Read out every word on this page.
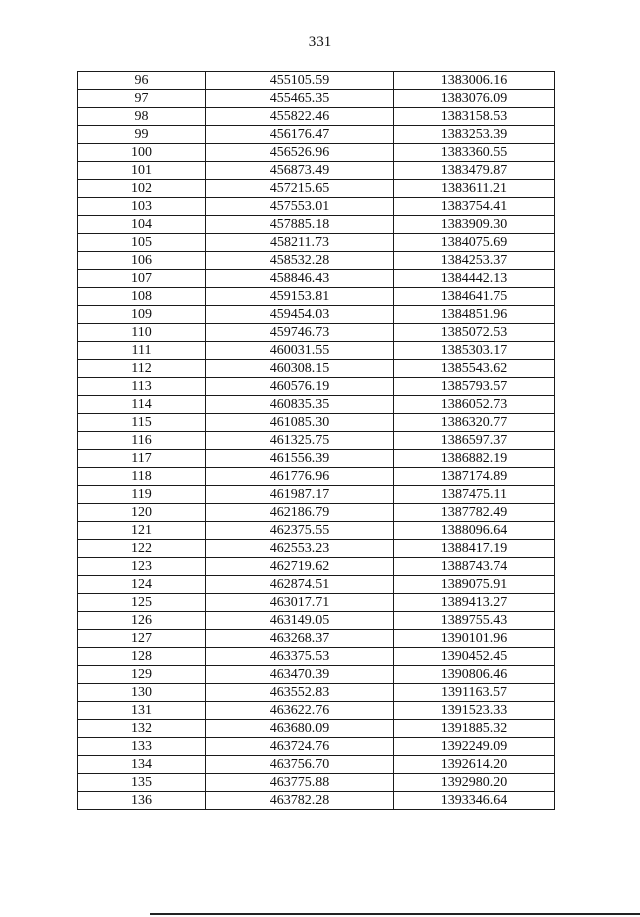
331
96	455105.59	1383006.16
97	455465.35	1383076.09
98	455822.46	1383158.53
99	456176.47	1383253.39
100	456526.96	1383360.55
101	456873.49	1383479.87
102	457215.65	1383611.21
103	457553.01	1383754.41
104	457885.18	1383909.30
105	458211.73	1384075.69
106	458532.28	1384253.37
107	458846.43	1384442.13
108	459153.81	1384641.75
109	459454.03	1384851.96
110	459746.73	1385072.53
111	460031.55	1385303.17
112	460308.15	1385543.62
113	460576.19	1385793.57
114	460835.35	1386052.73
115	461085.30	1386320.77
116	461325.75	1386597.37
117	461556.39	1386882.19
118	461776.96	1387174.89
119	461987.17	1387475.11
120	462186.79	1387782.49
121	462375.55	1388096.64
122	462553.23	1388417.19
123	462719.62	1388743.74
124	462874.51	1389075.91
125	463017.71	1389413.27
126	463149.05	1389755.43
127	463268.37	1390101.96
128	463375.53	1390452.45
129	463470.39	1390806.46
130	463552.83	1391163.57
131	463622.76	1391523.33
132	463680.09	1391885.32
133	463724.76	1392249.09
134	463756.70	1392614.20
135	463775.88	1392980.20
136	463782.28	1393346.64
